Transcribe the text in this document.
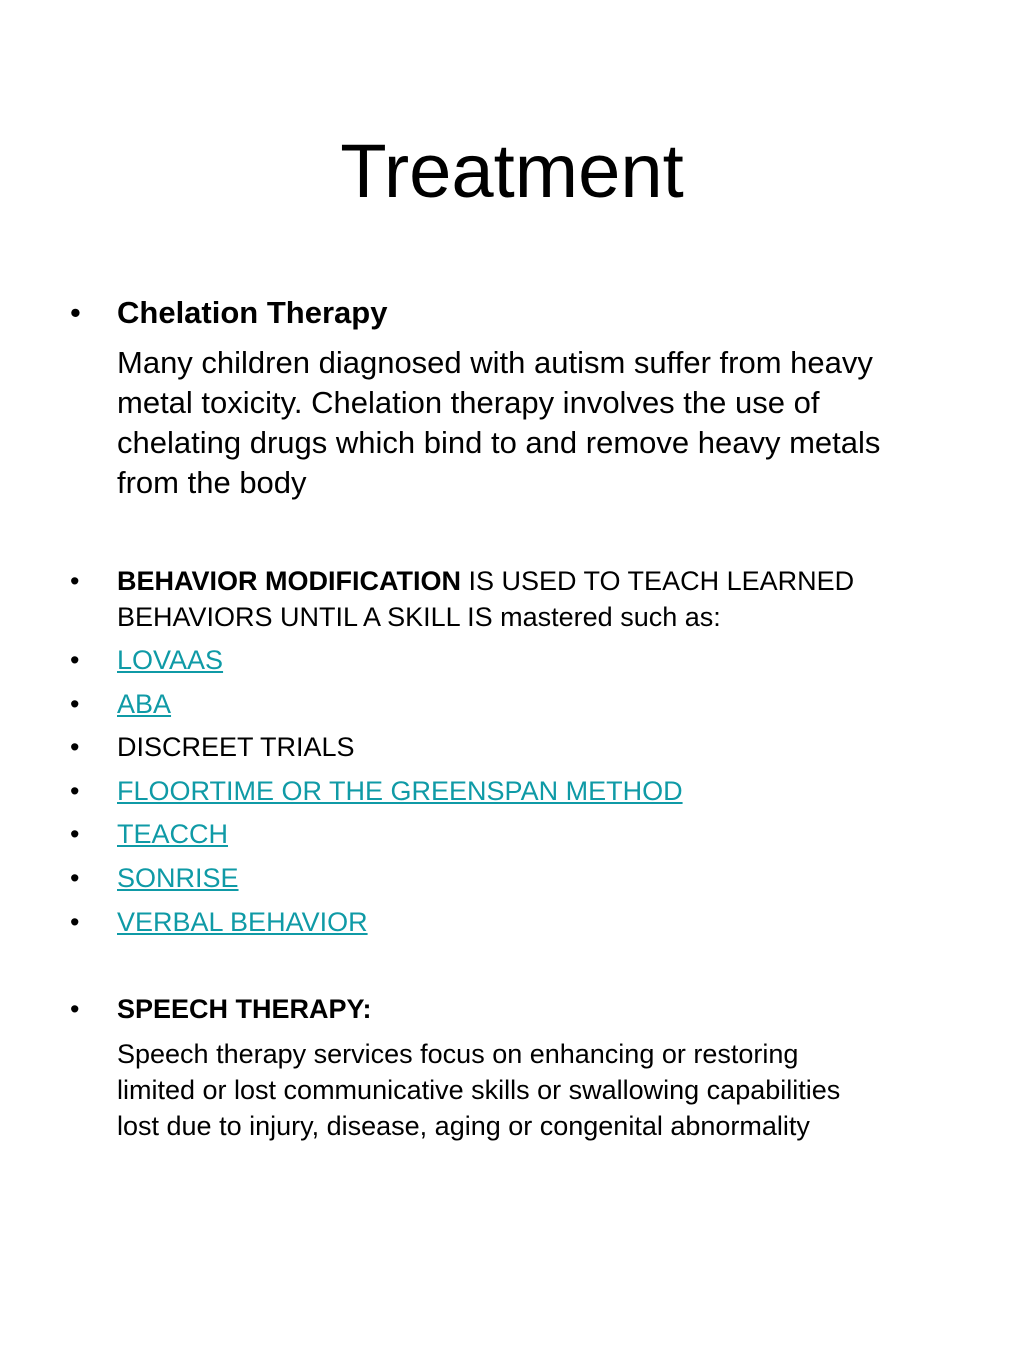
Treatment
• Chelation Therapy
Many children diagnosed with autism suffer from heavy
metal toxicity. Chelation therapy involves the use of
chelating drugs which bind to and remove heavy metals
from the body
• BEHAVIOR MODIFICATION IS USED TO TEACH LEARNED
BEHAVIORS UNTIL A SKILL IS mastered such as:
• LOVAAS
• ABA
• DISCREET TRIALS
• FLOORTIME OR THE GREENSPAN METHOD
• TEACCH
• SONRISE
• VERBAL BEHAVIOR
• SPEECH THERAPY:
Speech therapy services focus on enhancing or restoring
limited or lost communicative skills or swallowing capabilities
lost due to injury, disease, aging or congenital abnormality
